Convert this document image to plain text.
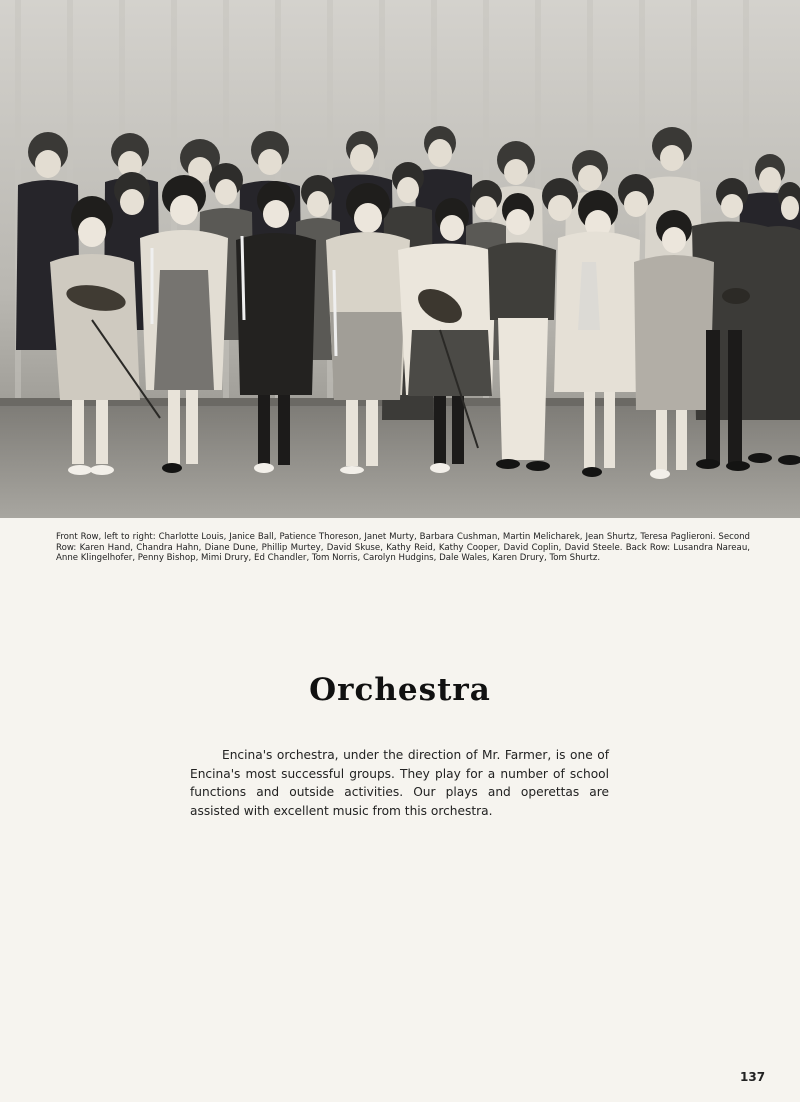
Front Row, left to right: Charlotte Louis, Janice Ball, Patience Thoreson, Janet Murty, Barbara Cushman, Martin Melicharek, Jean Shurtz, Teresa Paglieroni. Second Row: Karen Hand, Chandra Hahn, Diane Dune, Phillip Murtey, David Skuse, Kathy Reid, Kathy Cooper, David Coplin, David Steele. Back Row: Lusandra Nareau, Anne Klingelhofer, Penny Bishop, Mimi Drury, Ed Chandler, Tom Norris, Carolyn Hudgins, Dale Wales, Karen Drury, Tom Shurtz.

Orchestra

Encina's orchestra, under the direction of Mr. Farmer, is one of Encina's most successful groups. They play for a number of school functions and outside activities. Our plays and operettas are assisted with excellent music from this orchestra.

137
